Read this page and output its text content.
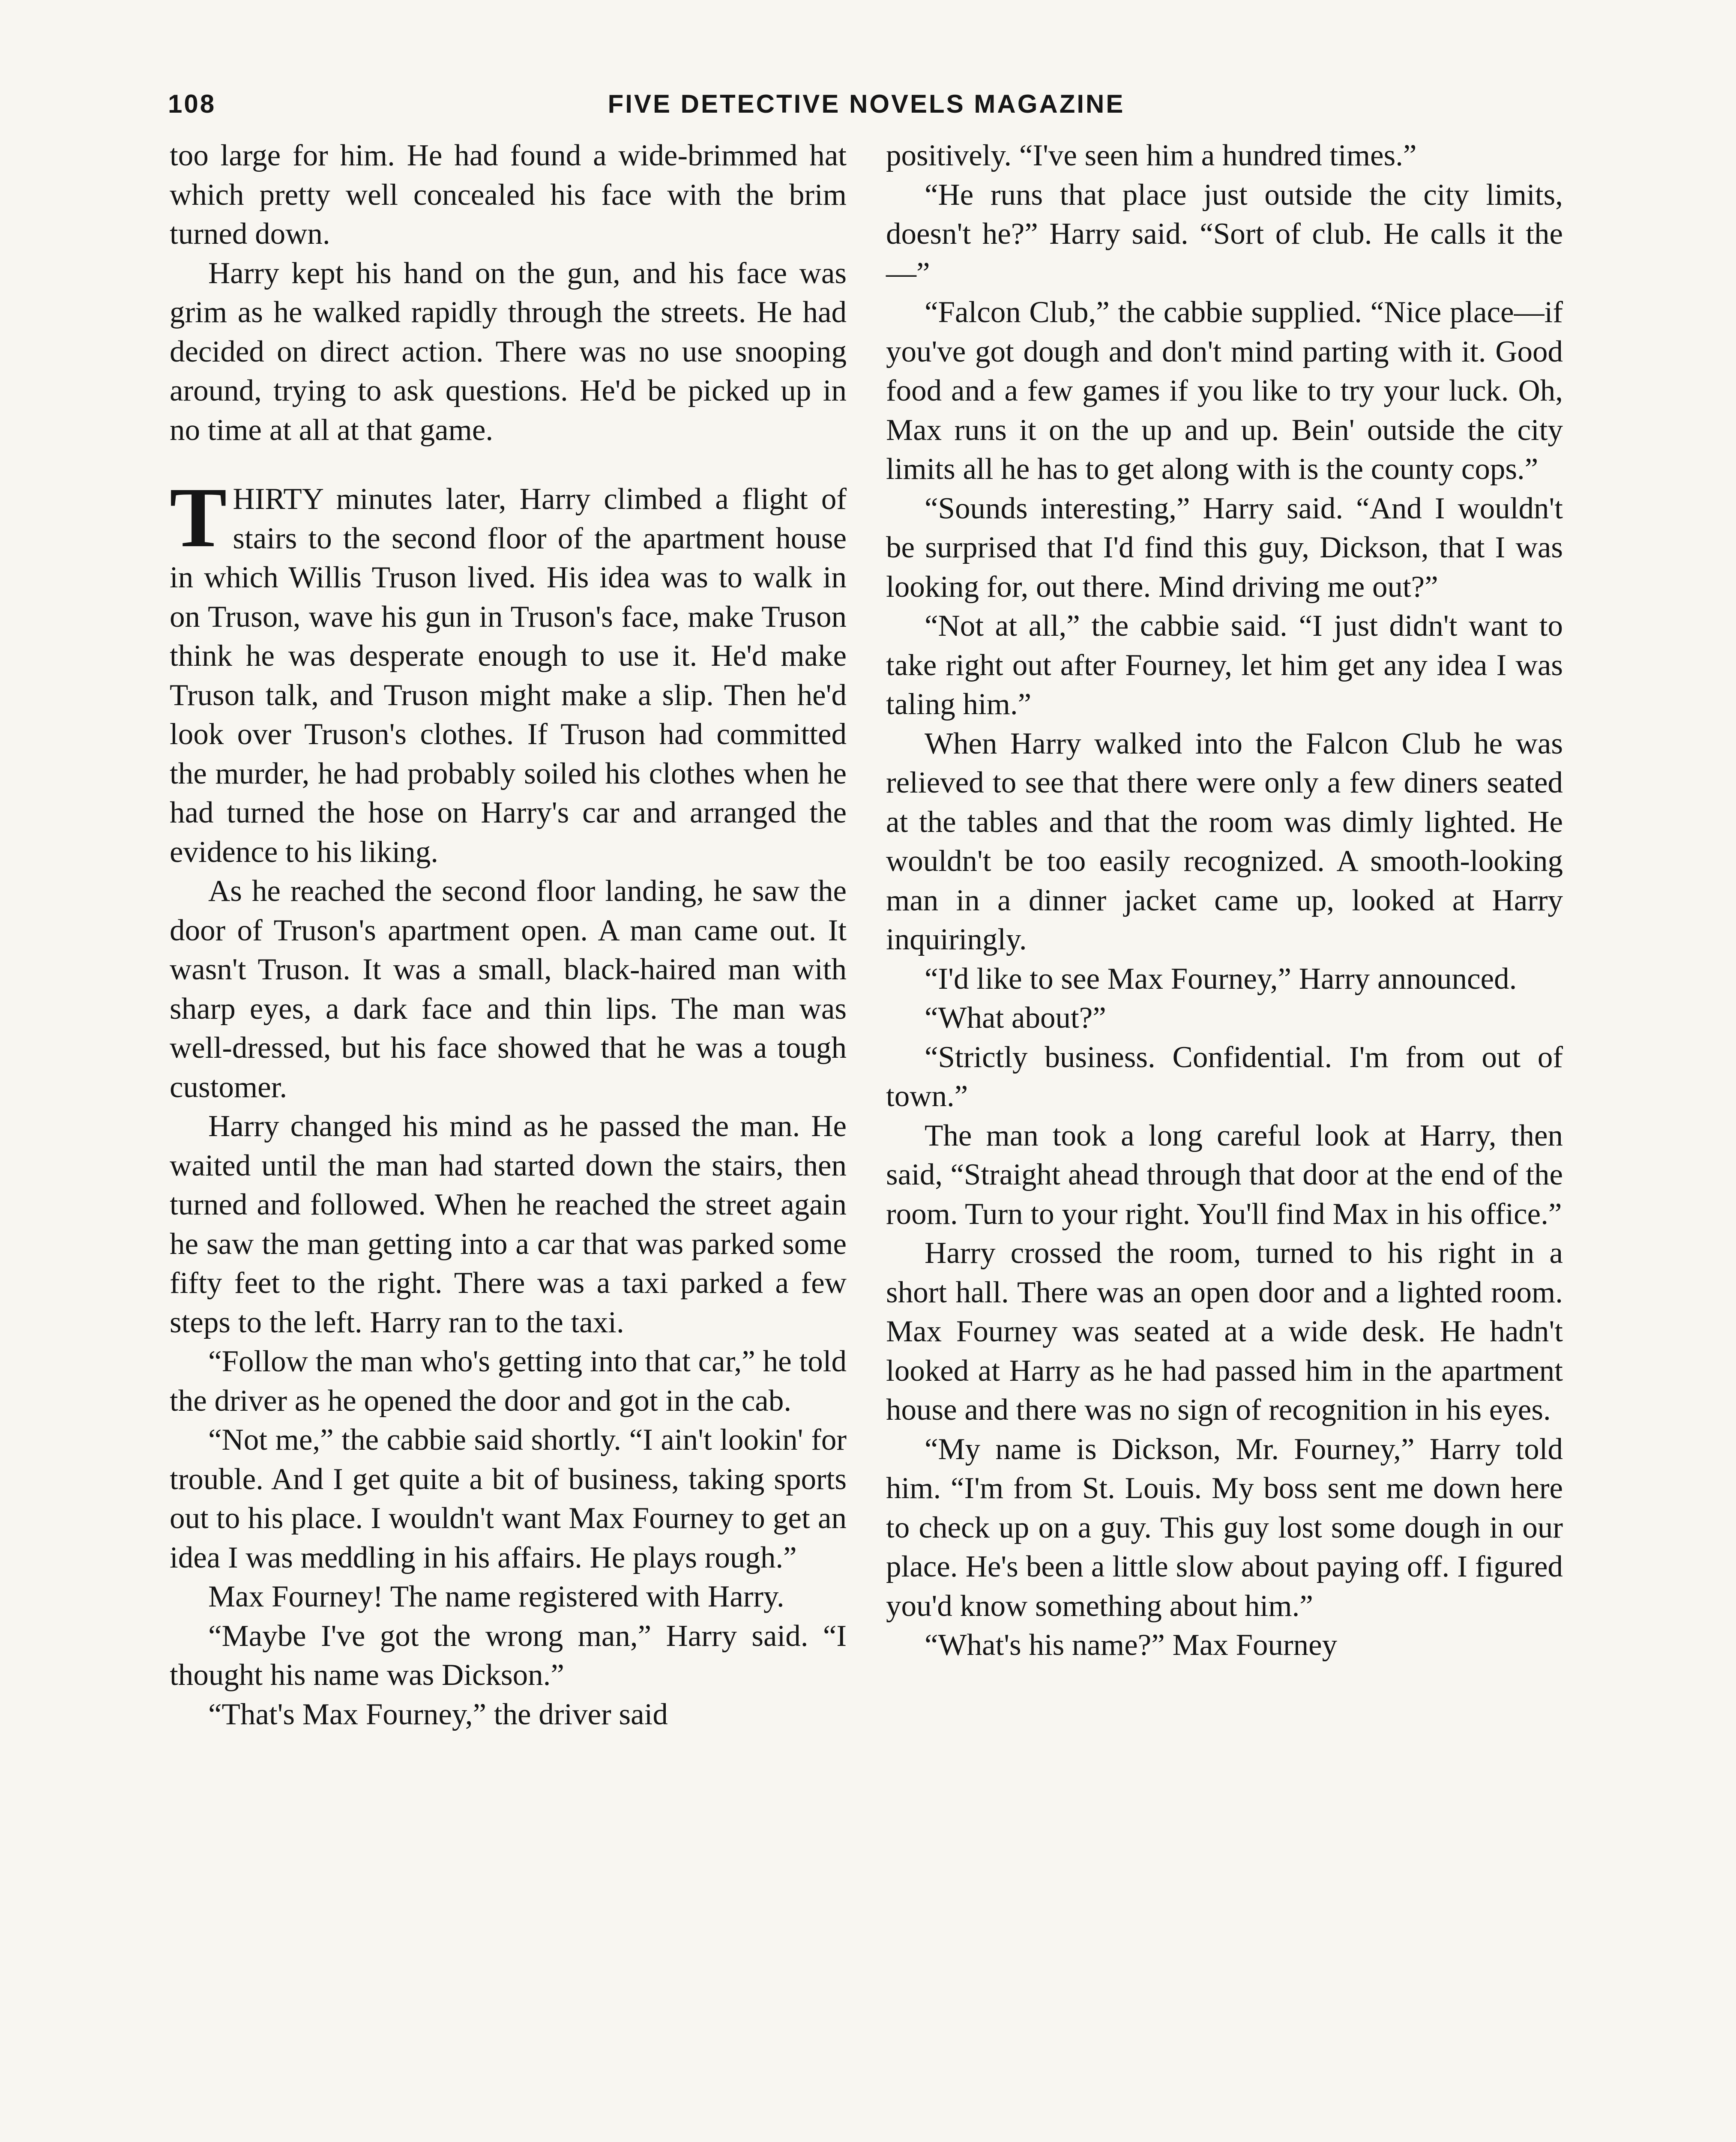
108	FIVE DETECTIVE NOVELS MAGAZINE

too large for him. He had found a wide-brimmed hat which pretty well concealed his face with the brim turned down.

Harry kept his hand on the gun, and his face was grim as he walked rapidly through the streets. He had decided on direct action. There was no use snooping around, trying to ask questions. He'd be picked up in no time at all at that game.

THIRTY minutes later, Harry climbed a flight of stairs to the second floor of the apartment house in which Willis Truson lived. His idea was to walk in on Truson, wave his gun in Truson's face, make Truson think he was desperate enough to use it. He'd make Truson talk, and Truson might make a slip. Then he'd look over Truson's clothes. If Truson had committed the murder, he had probably soiled his clothes when he had turned the hose on Harry's car and arranged the evidence to his liking.

As he reached the second floor landing, he saw the door of Truson's apartment open. A man came out. It wasn't Truson. It was a small, black-haired man with sharp eyes, a dark face and thin lips. The man was well-dressed, but his face showed that he was a tough customer.

Harry changed his mind as he passed the man. He waited until the man had started down the stairs, then turned and followed. When he reached the street again he saw the man getting into a car that was parked some fifty feet to the right. There was a taxi parked a few steps to the left. Harry ran to the taxi.

“Follow the man who's getting into that car,” he told the driver as he opened the door and got in the cab.

“Not me,” the cabbie said shortly. “I ain't lookin' for trouble. And I get quite a bit of business, taking sports out to his place. I wouldn't want Max Fourney to get an idea I was meddling in his affairs. He plays rough.”

Max Fourney! The name registered with Harry.

“Maybe I've got the wrong man,” Harry said. “I thought his name was Dickson.”

“That's Max Fourney,” the driver said

positively. “I've seen him a hundred times.”

“He runs that place just outside the city limits, doesn't he?” Harry said. “Sort of club. He calls it the—”

“Falcon Club,” the cabbie supplied. “Nice place—if you've got dough and don't mind parting with it. Good food and a few games if you like to try your luck. Oh, Max runs it on the up and up. Bein' outside the city limits all he has to get along with is the county cops.”

“Sounds interesting,” Harry said. “And I wouldn't be surprised that I'd find this guy, Dickson, that I was looking for, out there. Mind driving me out?”

“Not at all,” the cabbie said. “I just didn't want to take right out after Fourney, let him get any idea I was taling him.”

When Harry walked into the Falcon Club he was relieved to see that there were only a few diners seated at the tables and that the room was dimly lighted. He wouldn't be too easily recognized. A smooth-looking man in a dinner jacket came up, looked at Harry inquiringly.

“I'd like to see Max Fourney,” Harry announced.

“What about?”

“Strictly business. Confidential. I'm from out of town.”

The man took a long careful look at Harry, then said, “Straight ahead through that door at the end of the room. Turn to your right. You'll find Max in his office.”

Harry crossed the room, turned to his right in a short hall. There was an open door and a lighted room. Max Fourney was seated at a wide desk. He hadn't looked at Harry as he had passed him in the apartment house and there was no sign of recognition in his eyes.

“My name is Dickson, Mr. Fourney,” Harry told him. “I'm from St. Louis. My boss sent me down here to check up on a guy. This guy lost some dough in our place. He's been a little slow about paying off. I figured you'd know something about him.”

“What's his name?” Max Fourney
